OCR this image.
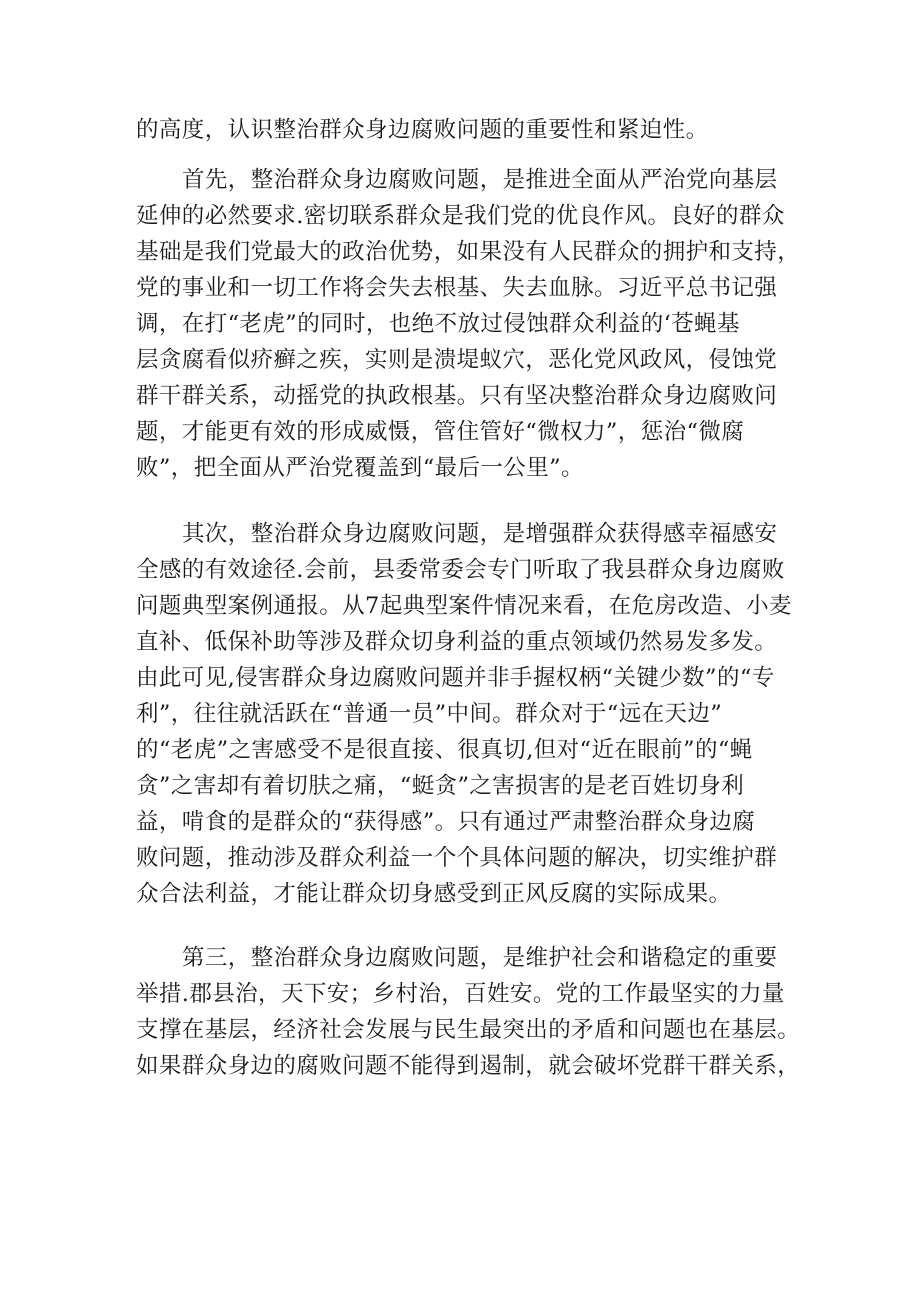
的高度，认识整治群众身边腐败问题的重要性和紧迫性。
首先，整治群众身边腐败问题，是推进全面从严治党向基层
延伸的必然要求.密切联系群众是我们党的优良作风。良好的群众
基础是我们党最大的政治优势，如果没有人民群众的拥护和支持，
党的事业和一切工作将会失去根基、失去血脉。习近平总书记强
调，在打“老虎”的同时，也绝不放过侵蚀群众利益的‘苍蝇基
层贪腐看似疥癣之疾，实则是溃堤蚁穴，恶化党风政风，侵蚀党
群干群关系，动摇党的执政根基。只有坚决整治群众身边腐败问
题，才能更有效的形成威慑，管住管好“微权力”，惩治“微腐
败”，把全面从严治党覆盖到“最后一公里”。
其次，整治群众身边腐败问题，是增强群众获得感幸福感安
全感的有效途径.会前，县委常委会专门听取了我县群众身边腐败
问题典型案例通报。从7起典型案件情况来看，在危房改造、小麦
直补、低保补助等涉及群众切身利益的重点领域仍然易发多发。
由此可见,侵害群众身边腐败问题并非手握权柄“关键少数”的“专
利”，往往就活跃在“普通一员”中间。群众对于“远在天边”
的“老虎”之害感受不是很直接、很真切,但对“近在眼前”的“蝇
贪”之害却有着切肤之痛，“蜓贪”之害损害的是老百姓切身利
益，啃食的是群众的“获得感”。只有通过严肃整治群众身边腐
败问题，推动涉及群众利益一个个具体问题的解决，切实维护群
众合法利益，才能让群众切身感受到正风反腐的实际成果。
第三，整治群众身边腐败问题，是维护社会和谐稳定的重要
举措.郡县治，天下安；乡村治，百姓安。党的工作最坚实的力量
支撑在基层，经济社会发展与民生最突出的矛盾和问题也在基层。
如果群众身边的腐败问题不能得到遏制，就会破坏党群干群关系，
